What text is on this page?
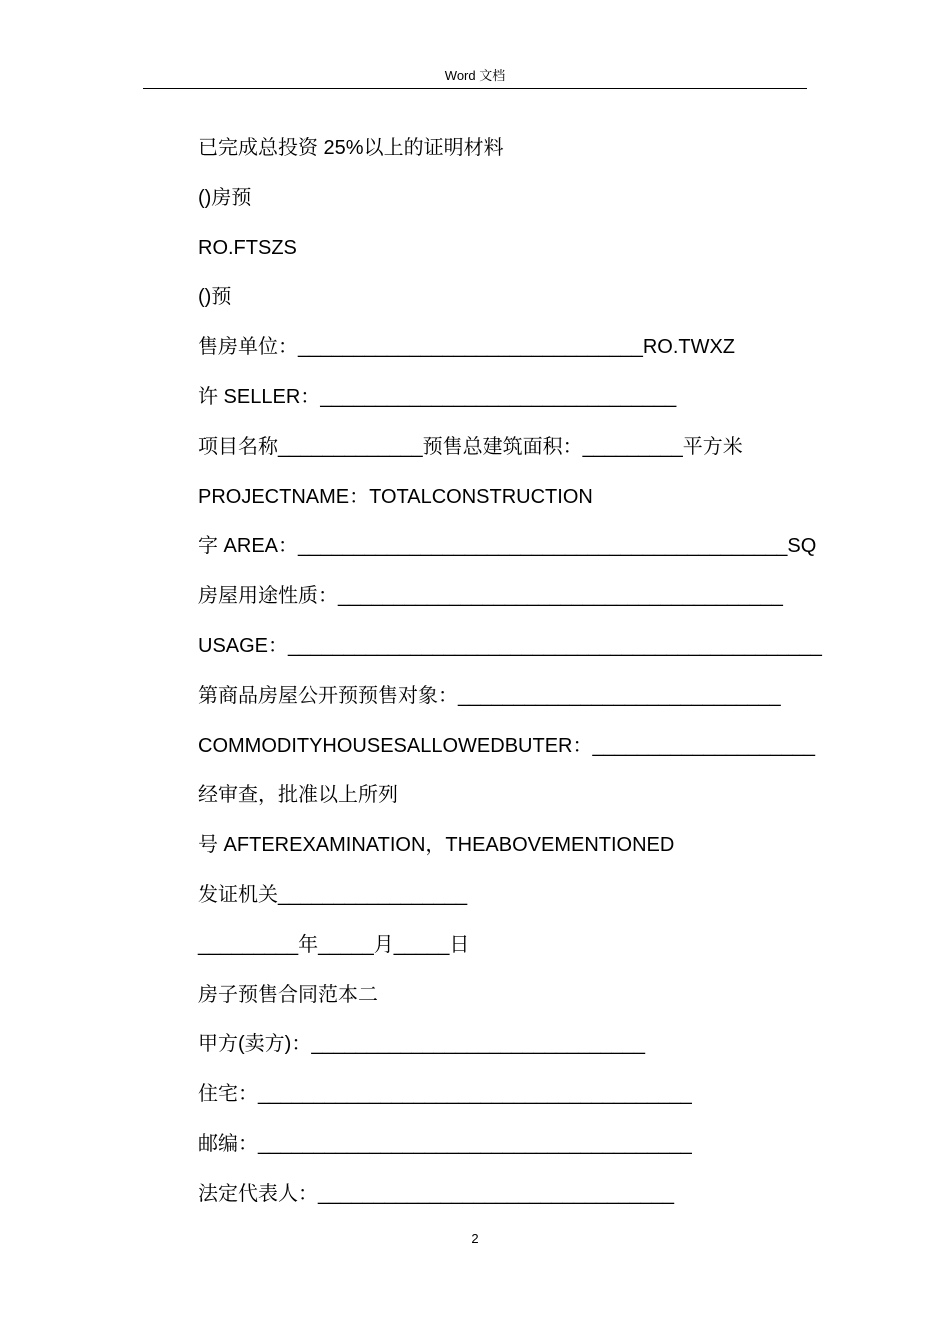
Word 文档
已完成总投资 25%以上的证明材料
()房预
RO.FTSZS
()预
售房单位：_______________________________RO.TWXZ
许 SELLER：________________________________
项目名称_____________预售总建筑面积：_________平方米
PROJECTNAME：TOTALCONSTRUCTION
字 AREA：____________________________________________SQ
房屋用途性质：________________________________________
USAGE：________________________________________________
第商品房屋公开预预售对象：_____________________________
COMMODITYHOUSESALLOWEDBUTER：____________________
经审查，批准以上所列
号 AFTEREXAMINATION，THEABOVEMENTIONED
发证机关_________________
_________年_____月_____日
房子预售合同范本二
甲方(卖方)：______________________________
住宅：_______________________________________
邮编：_______________________________________
法定代表人：________________________________
2
